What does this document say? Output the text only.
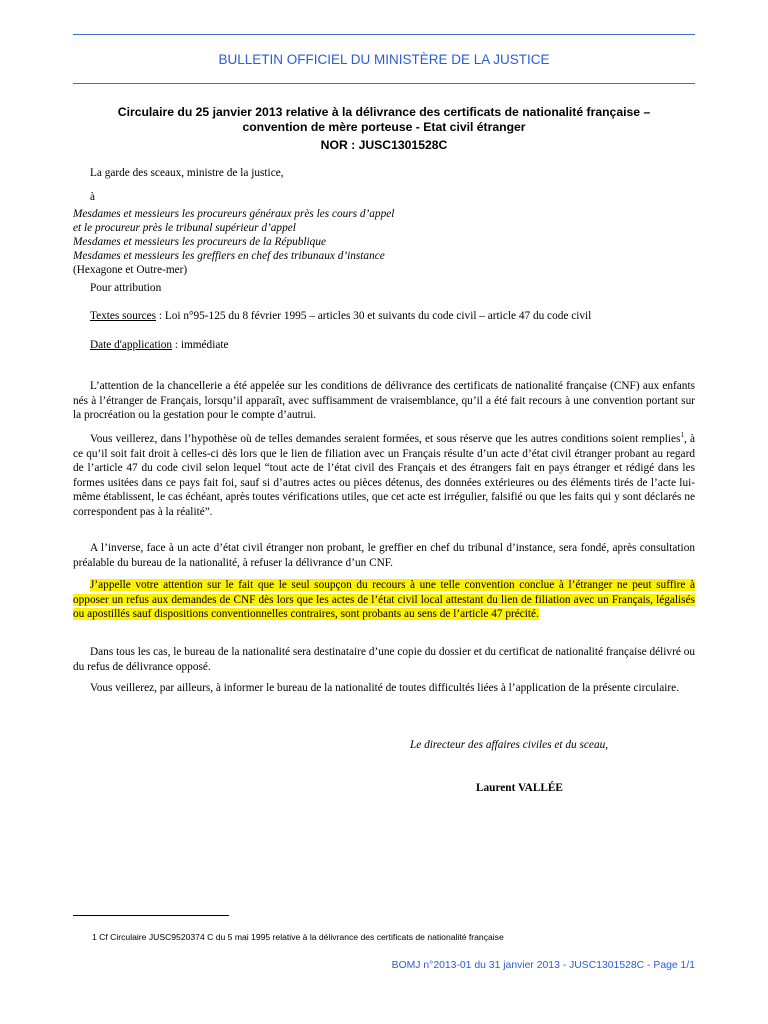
BULLETIN OFFICIEL DU MINISTÈRE DE LA JUSTICE
Circulaire du 25 janvier 2013 relative à la délivrance des certificats de nationalité française –
convention de mère porteuse - Etat civil étranger
NOR : JUSC1301528C
La garde des sceaux, ministre de la justice,
à
Mesdames et messieurs les procureurs généraux près les cours d’appel
et le procureur près le tribunal supérieur d’appel
Mesdames et messieurs les procureurs de la République
Mesdames et messieurs les greffiers en chef des tribunaux d’instance
(Hexagone et Outre-mer)
Pour attribution
Textes sources : Loi n°95-125 du 8 février 1995 – articles 30 et suivants du code civil – article 47 du code civil
Date d'application : immédiate
L’attention de la chancellerie a été appelée sur les conditions de délivrance des certificats de nationalité française (CNF) aux enfants nés à l’étranger de Français, lorsqu’il apparaît, avec suffisamment de vraisemblance, qu’il a été fait recours à une convention portant sur la procréation ou la gestation pour le compte d’autrui.
Vous veillerez, dans l’hypothèse où de telles demandes seraient formées, et sous réserve que les autres conditions soient remplies$^1$, à ce qu’il soit fait droit à celles-ci dès lors que le lien de filiation avec un Français résulte d’un acte d’état civil étranger probant au regard de l’article 47 du code civil selon lequel “tout acte de l’état civil des Français et des étrangers fait en pays étranger et rédigé dans les formes usitées dans ce pays fait foi, sauf si d’autres actes ou pièces détenus, des données extérieures ou des éléments tirés de l’acte lui-même établissent, le cas échéant, après toutes vérifications utiles, que cet acte est irrégulier, falsifié ou que les faits qui y sont déclarés ne correspondent pas à la réalité”.
A l’inverse, face à un acte d’état civil étranger non probant, le greffier en chef du tribunal d’instance, sera fondé, après consultation préalable du bureau de la nationalité, à refuser la délivrance d’un CNF.
J’appelle votre attention sur le fait que le seul soupçon du recours à une telle convention conclue à l’étranger ne peut suffire à opposer un refus aux demandes de CNF dès lors que les actes de l’état civil local attestant du lien de filiation avec un Français, légalisés ou apostillés sauf dispositions conventionnelles contraires, sont probants au sens de l’article 47 précité.
Dans tous les cas, le bureau de la nationalité sera destinataire d’une copie du dossier et du certificat de nationalité française délivré ou du refus de délivrance opposé.
Vous veillerez, par ailleurs, à informer le bureau de la nationalité de toutes difficultés liées à l’application de la présente circulaire.
Le directeur des affaires civiles et du sceau,
Laurent VALLÉE
1 Cf Circulaire JUSC9520374 C du 5 mai 1995 relative à la délivrance des certificats de nationalité française
BOMJ n°2013-01 du 31 janvier 2013 - JUSC1301528C - Page 1/1
